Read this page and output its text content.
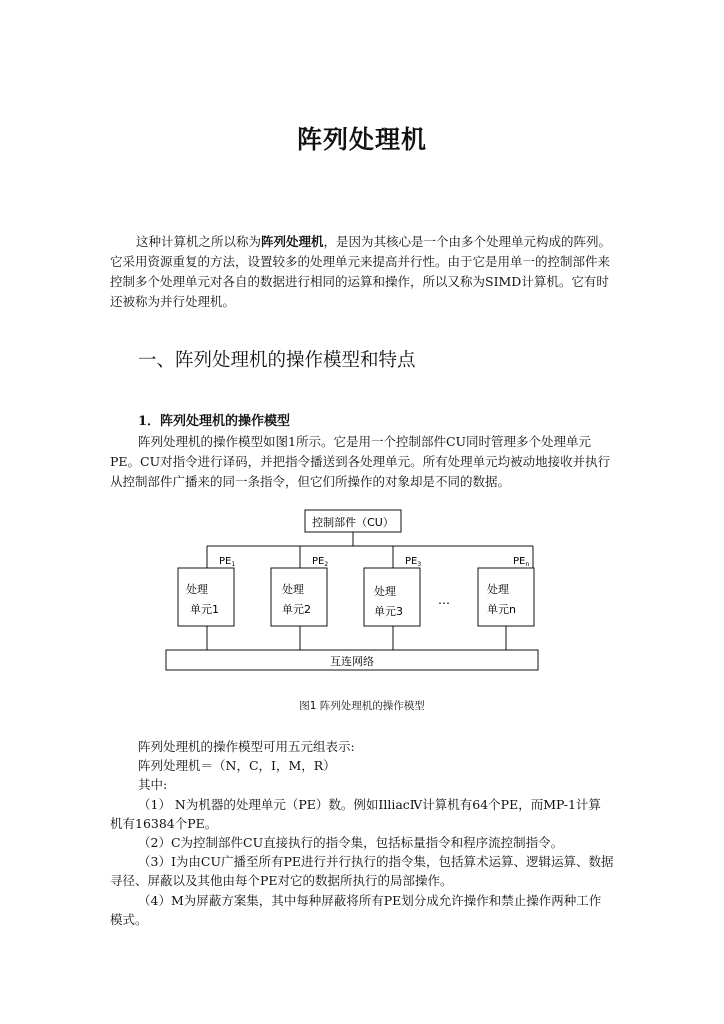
阵列处理机
这种计算机之所以称为阵列处理机，是因为其核心是一个由多个处理单元构成的阵列。
它采用资源重复的方法，设置较多的处理单元来提高并行性。由于它是用单一的控制部件来
控制多个处理单元对各自的数据进行相同的运算和操作，所以又称为SIMD计算机。它有时
还被称为并行处理机。
一、阵列处理机的操作模型和特点
1．阵列处理机的操作模型
阵列处理机的操作模型如图1所示。它是用一个控制部件CU同时管理多个处理单元
PE。CU对指令进行译码，并把指令播送到各处理单元。所有处理单元均被动地接收并执行
从控制部件广播来的同一条指令，但它们所操作的对象却是不同的数据。
控制部件（CU）
$PE_1$	$PE_2$	$PE_3$	$PE_n$
处理
单元1
处理
单元2
处理
单元3
处理
单元n
…
互连网络
图1 阵列处理机的操作模型
阵列处理机的操作模型可用五元组表示:
阵列处理机＝（N，C，I，M，R）
其中:
（1） N为机器的处理单元（PE）数。例如IlliacⅣ计算机有64个PE，而MP-1计算
机有16384个PE。
（2）C为控制部件CU直接执行的指令集，包括标量指令和程序流控制指令。
（3）I为由CU广播至所有PE进行并行执行的指令集，包括算术运算、逻辑运算、数据
寻径、屏蔽以及其他由每个PE对它的数据所执行的局部操作。
（4）M为屏蔽方案集，其中每种屏蔽将所有PE划分成允许操作和禁止操作两种工作
模式。
